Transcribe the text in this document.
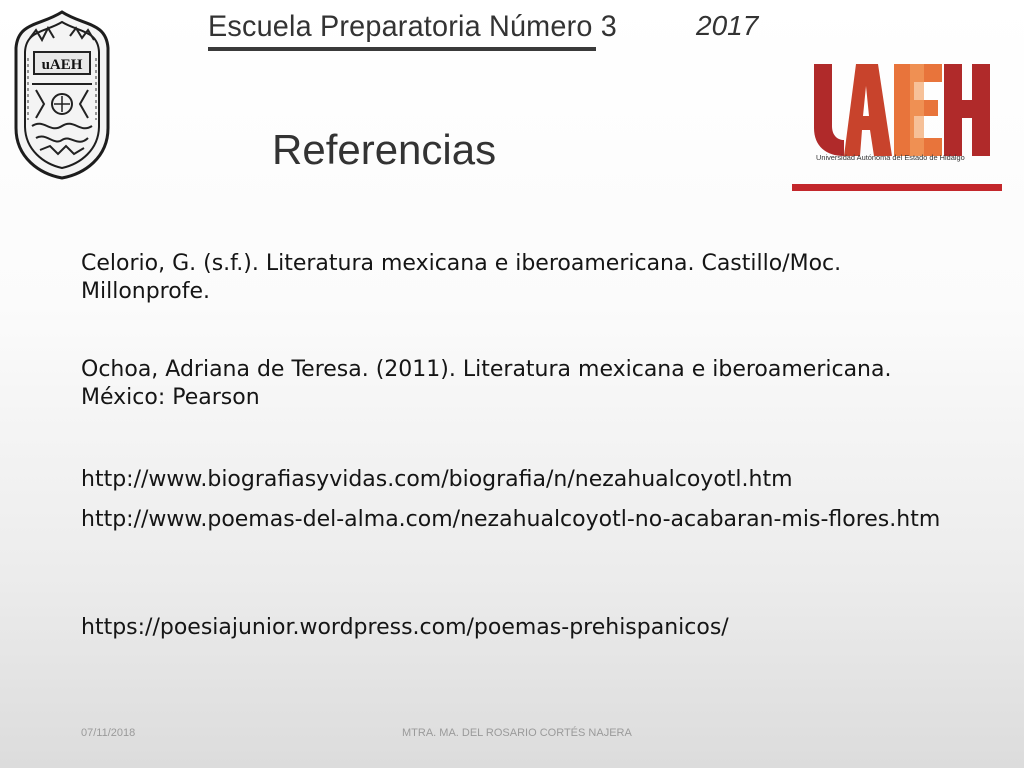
uAEH
Escuela Preparatoria Número 3	2017
Universidad Autónoma del Estado de Hidalgo
Referencias

Celorio, G. (s.f.). Literatura mexicana e iberoamericana. Castillo/Moc. Millonprofe.

Ochoa, Adriana de Teresa. (2011). Literatura mexicana e iberoamericana. México: Pearson

http://www.biografiasyvidas.com/biografia/n/nezahualcoyotl.htm

http://www.poemas-del-alma.com/nezahualcoyotl-no-acabaran-mis-flores.htm

https://poesiajunior.wordpress.com/poemas-prehispanicos/

07/11/2018	MTRA. MA. DEL ROSARIO CORTÉS NAJERA
